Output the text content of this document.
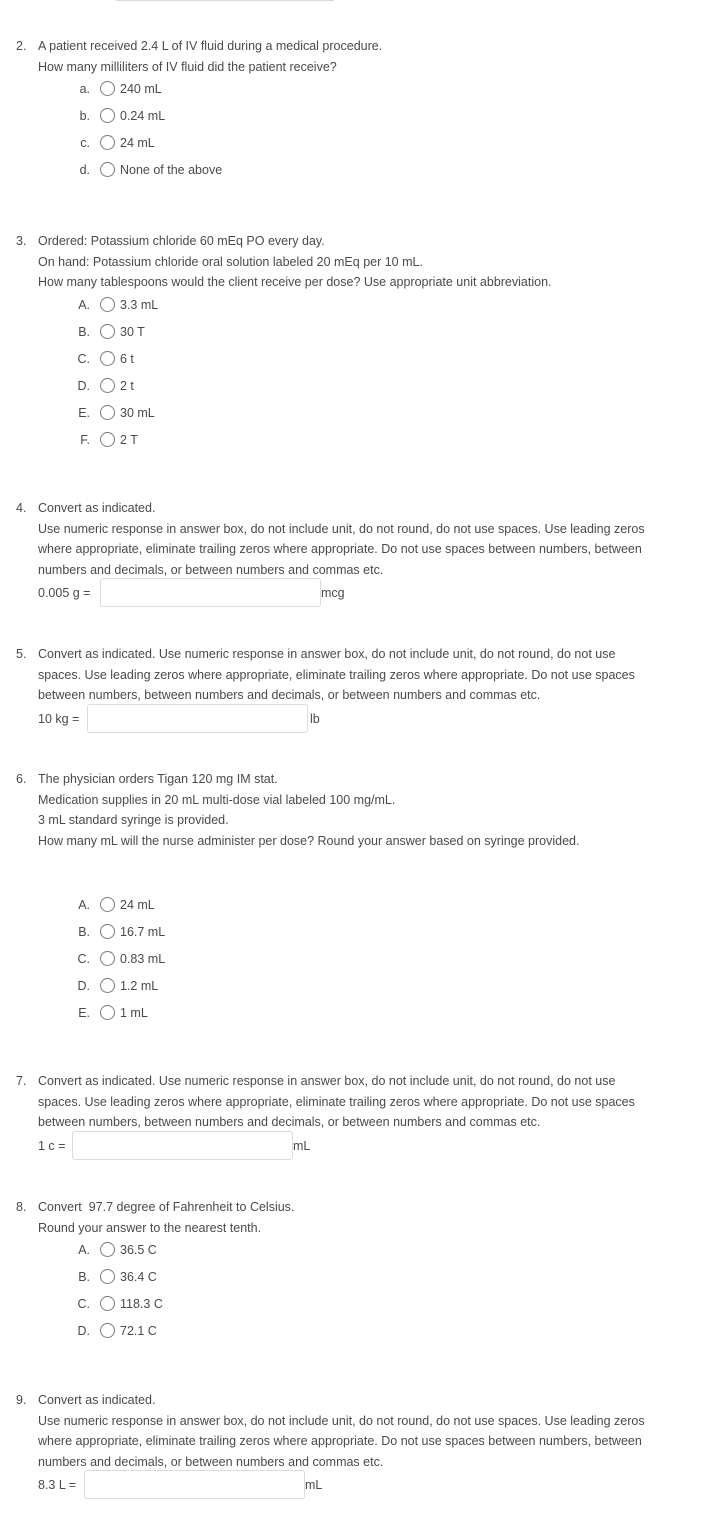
2. A patient received 2.4 L of IV fluid during a medical procedure.
How many milliliters of IV fluid did the patient receive?
a. 240 mL
b. 0.24 mL
c. 24 mL
d. None of the above
3. Ordered: Potassium chloride 60 mEq PO every day.
On hand: Potassium chloride oral solution labeled 20 mEq per 10 mL.
How many tablespoons would the client receive per dose? Use appropriate unit abbreviation.
A. 3.3 mL
B. 30 T
C. 6 t
D. 2 t
E. 30 mL
F. 2 T
4. Convert as indicated.
Use numeric response in answer box, do not include unit, do not round, do not use spaces. Use leading zeros
where appropriate, eliminate trailing zeros where appropriate. Do not use spaces between numbers, between
numbers and decimals, or between numbers and commas etc.
0.005 g =	mcg
5. Convert as indicated. Use numeric response in answer box, do not include unit, do not round, do not use
spaces. Use leading zeros where appropriate, eliminate trailing zeros where appropriate. Do not use spaces
between numbers, between numbers and decimals, or between numbers and commas etc.
10 kg =	lb
6. The physician orders Tigan 120 mg IM stat.
Medication supplies in 20 mL multi-dose vial labeled 100 mg/mL.
3 mL standard syringe is provided.
How many mL will the nurse administer per dose? Round your answer based on syringe provided.
A. 24 mL
B. 16.7 mL
C. 0.83 mL
D. 1.2 mL
E. 1 mL
7. Convert as indicated. Use numeric response in answer box, do not include unit, do not round, do not use
spaces. Use leading zeros where appropriate, eliminate trailing zeros where appropriate. Do not use spaces
between numbers, between numbers and decimals, or between numbers and commas etc.
1 c =	mL
8. Convert  97.7 degree of Fahrenheit to Celsius.
Round your answer to the nearest tenth.
A. 36.5 C
B. 36.4 C
C. 118.3 C
D. 72.1 C
9. Convert as indicated.
Use numeric response in answer box, do not include unit, do not round, do not use spaces. Use leading zeros
where appropriate, eliminate trailing zeros where appropriate. Do not use spaces between numbers, between
numbers and decimals, or between numbers and commas etc.
8.3 L =	mL
